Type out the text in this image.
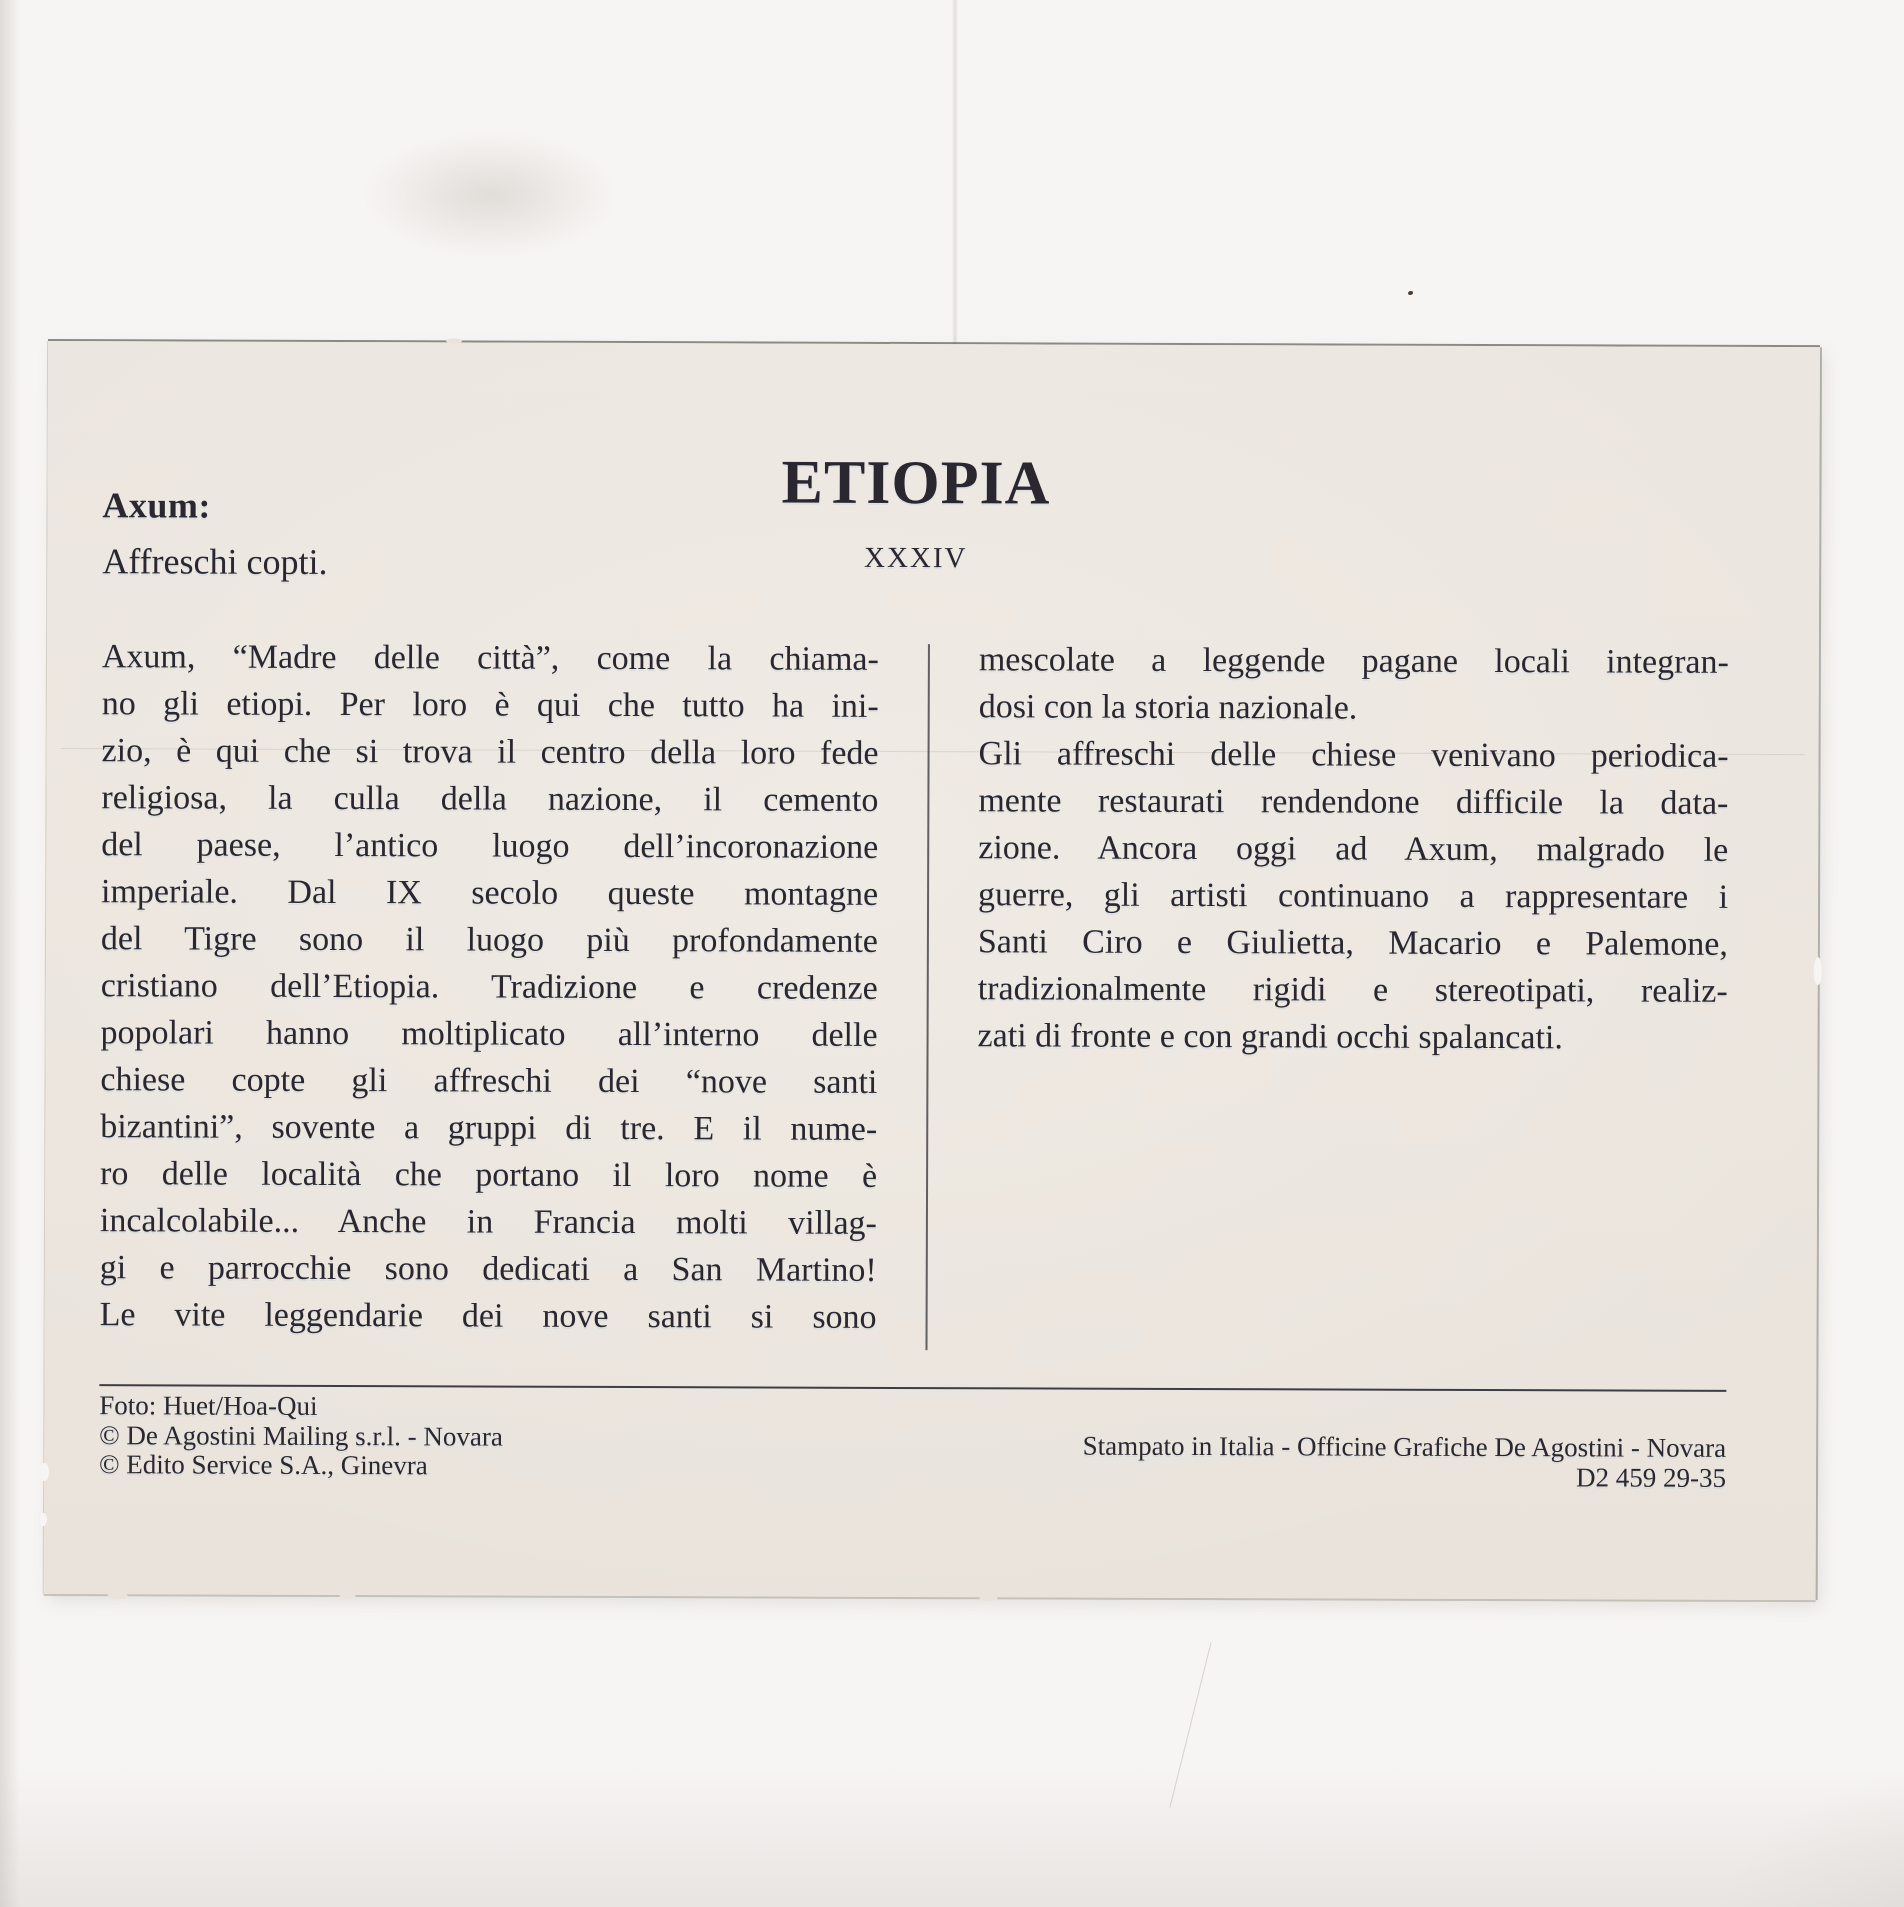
Axum:
Affreschi copti.
ETIOPIA
XXXIV
Axum, “Madre delle città”, come la chiama-
no gli etiopi. Per loro è qui che tutto ha ini-
zio, è qui che si trova il centro della loro fede
religiosa, la culla della nazione, il cemento
del paese, l’antico luogo dell’incoronazione
imperiale. Dal IX secolo queste montagne
del Tigre sono il luogo più profondamente
cristiano dell’Etiopia. Tradizione e credenze
popolari hanno moltiplicato all’interno delle
chiese copte gli affreschi dei “nove santi
bizantini”, sovente a gruppi di tre. E il nume-
ro delle località che portano il loro nome è
incalcolabile... Anche in Francia molti villag-
gi e parrocchie sono dedicati a San Martino!
Le vite leggendarie dei nove santi si sono
mescolate a leggende pagane locali integran-
dosi con la storia nazionale.
Gli affreschi delle chiese venivano periodica-
mente restaurati rendendone difficile la data-
zione. Ancora oggi ad Axum, malgrado le
guerre, gli artisti continuano a rappresentare i
Santi Ciro e Giulietta, Macario e Palemone,
tradizionalmente rigidi e stereotipati, realiz-
zati di fronte e con grandi occhi spalancati.
Foto: Huet/Hoa-Qui
© De Agostini Mailing s.r.l. - Novara
© Edito Service S.A., Ginevra
Stampato in Italia - Officine Grafiche De Agostini - Novara
D2 459 29-35
